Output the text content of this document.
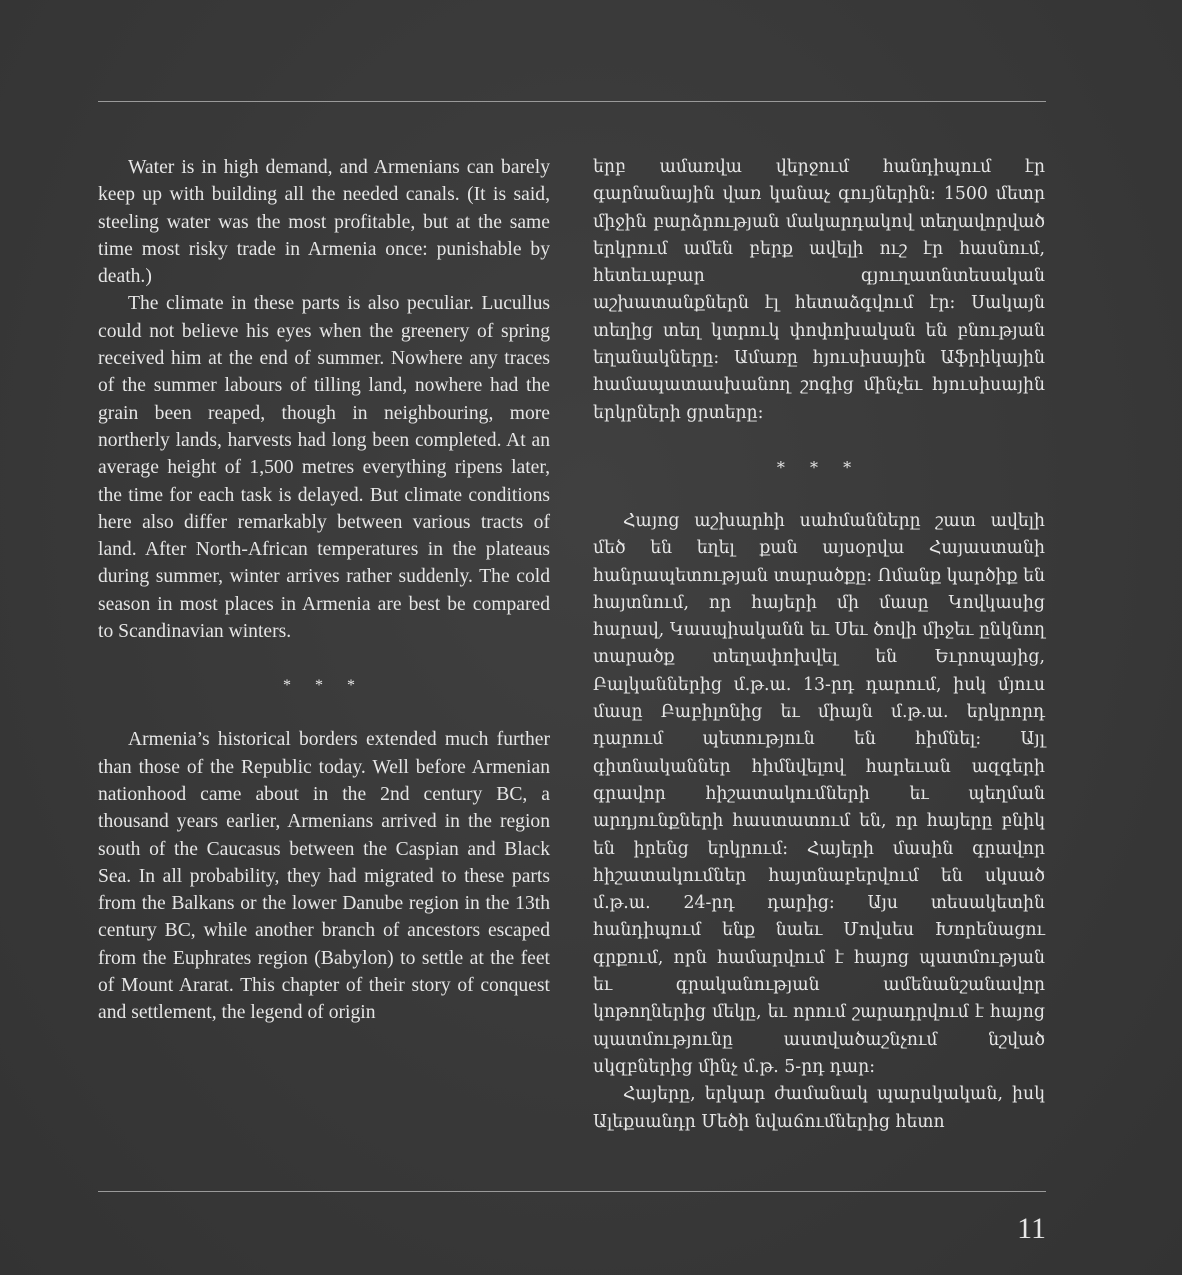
Water is in high demand, and Armenians can barely keep up with building all the needed canals. (It is said, steeling water was the most profitable, but at the same time most risky trade in Armenia once: punishable by death.)

The climate in these parts is also peculiar. Lucullus could not believe his eyes when the greenery of spring received him at the end of summer. Nowhere any traces of the summer labours of tilling land, nowhere had the grain been reaped, though in neighbouring, more northerly lands, harvests had long been completed. At an average height of 1,500 metres everything ripens later, the time for each task is delayed. But climate conditions here also differ remarkably between various tracts of land. After North-African temperatures in the plateaus during summer, winter arrives rather suddenly. The cold season in most places in Armenia are best be compared to Scandinavian winters.

* * *

Armenia’s historical borders extended much further than those of the Republic today. Well before Armenian nationhood came about in the 2nd century BC, a thousand years earlier, Armenians arrived in the region south of the Caucasus between the Caspian and Black Sea. In all probability, they had migrated to these parts from the Balkans or the lower Danube region in the 13th century BC, while another branch of ancestors escaped from the Euphrates region (Babylon) to settle at the feet of Mount Ararat. This chapter of their story of conquest and settlement, the legend of origin

երբ ամառվա վերջում հանդիպում էր գարնանային վառ կանաչ գույներին: 1500 մետր միջին բարձրության մակարդակով տեղավորված երկրում ամեն բերք ավելի ուշ էր հասնում, հետեւաբար գյուղատնտեսական աշխատանքներն էլ հետաձգվում էր: Սակայն տեղից տեղ կտրուկ փոփոխական են բնության եղանակները: Ամառը հյուսիսային Աֆրիկային համապատասխանող շոգից մինչեւ հյուսիսային երկրների ցրտերը:

* * *

Հայոց աշխարհի սահմանները շատ ավելի մեծ են եղել քան այսօրվա Հայաստանի հանրապետության տարածքը: Ոմանք կարծիք են հայտնում, որ հայերի մի մասը Կովկասից հարավ, Կասպիականն եւ Սեւ ծովի միջեւ ընկնող տարածք տեղափոխվել են Եւրոպայից, Բալկաններից մ.թ.ա. 13-րդ դարում, իսկ մյուս մասը Բաբիլոնից եւ միայն մ.թ.ա. երկրորդ դարում պետություն են հիմնել: Այլ գիտնականներ հիմնվելով հարեւան ազգերի գրավոր հիշատակումների եւ պեղման արդյունքների հաստատում են, որ հայերը բնիկ են իրենց երկրում: Հայերի մասին գրավոր հիշատակումներ հայտնաբերվում են սկսած մ.թ.ա. 24-րդ դարից: Այս տեսակետին հանդիպում ենք նաեւ Մովսես Խորենացու գրքում, որն համարվում է հայոց պատմության եւ գրականության ամենանշանավոր կոթողներից մեկը, եւ որում շարադրվում է հայոց պատմությունը աստվածաշնչում նշված սկզբներից մինչ մ.թ. 5-րդ դար:

Հայերը, երկար ժամանակ պարսկական, իսկ Ալեքսանդր Մեծի նվաճումներից հետո

11
